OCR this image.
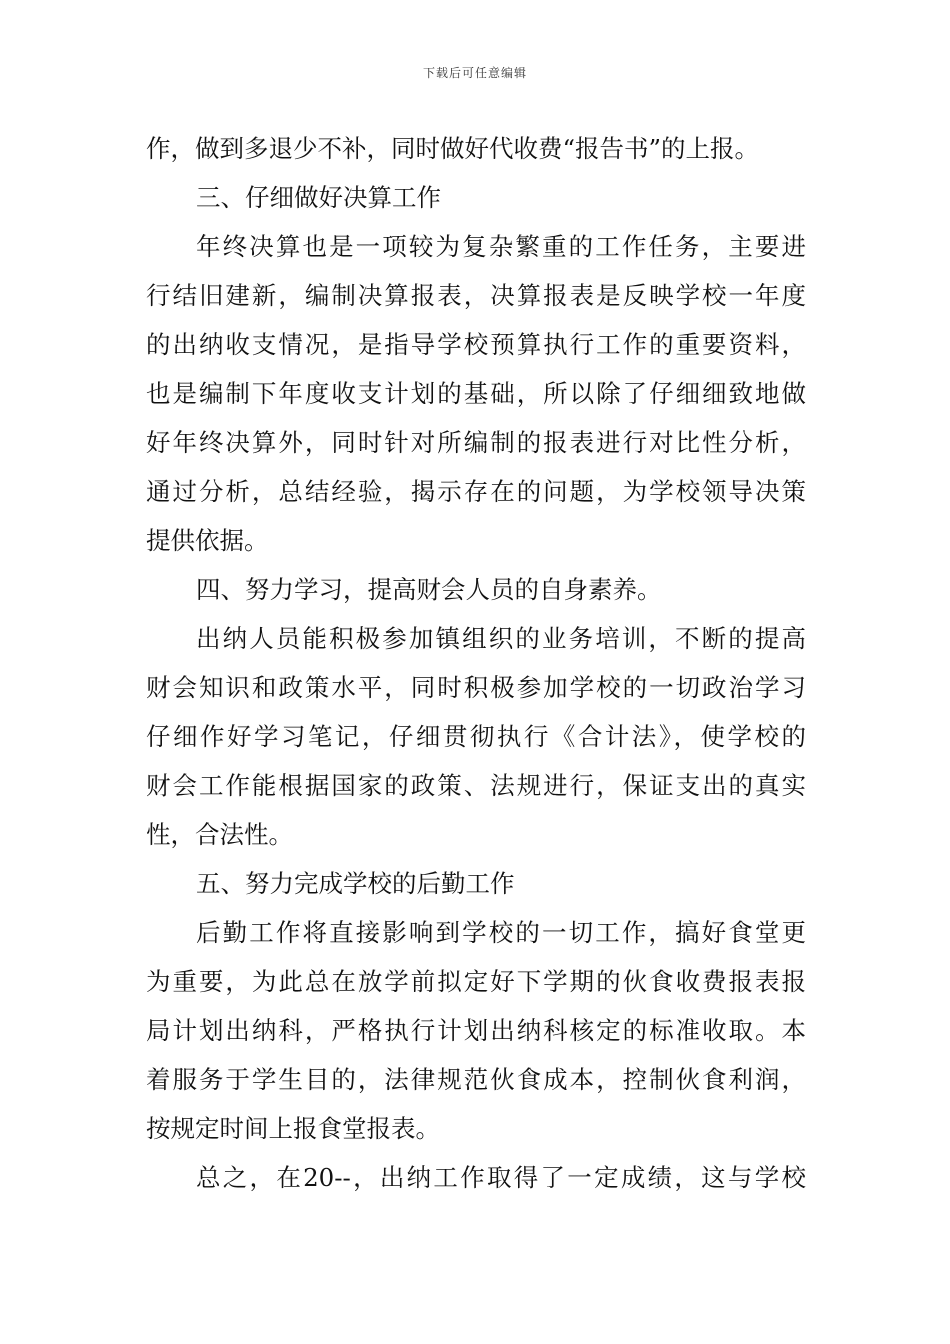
下载后可任意编辑
作，做到多退少不补，同时做好代收费“报告书”的上报。
三、仔细做好决算工作
年终决算也是一项较为复杂繁重的工作任务，主要进
行结旧建新，编制决算报表，决算报表是反映学校一年度
的出纳收支情况，是指导学校预算执行工作的重要资料，
也是编制下年度收支计划的基础，所以除了仔细细致地做
好年终决算外，同时针对所编制的报表进行对比性分析，
通过分析，总结经验，揭示存在的问题，为学校领导决策
提供依据。
四、努力学习，提高财会人员的自身素养。
出纳人员能积极参加镇组织的业务培训，不断的提高
财会知识和政策水平，同时积极参加学校的一切政治学习
仔细作好学习笔记，仔细贯彻执行《合计法》，使学校的
财会工作能根据国家的政策、法规进行，保证支出的真实
性，合法性。
五、努力完成学校的后勤工作
后勤工作将直接影响到学校的一切工作，搞好食堂更
为重要，为此总在放学前拟定好下学期的伙食收费报表报
局计划出纳科，严格执行计划出纳科核定的标准收取。本
着服务于学生目的，法律规范伙食成本，控制伙食利润，
按规定时间上报食堂报表。
总之，在20--，出纳工作取得了一定成绩，这与学校
